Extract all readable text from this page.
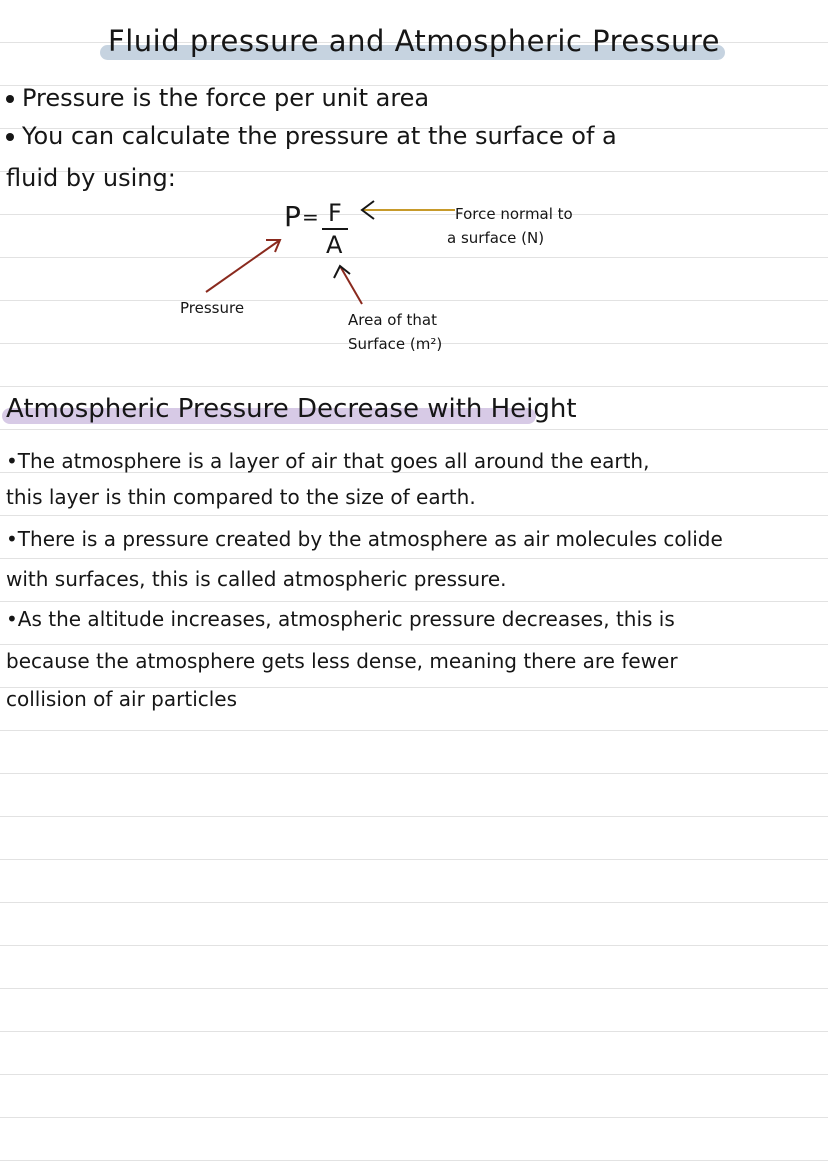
Fluid pressure and Atmospheric Pressure
Pressure is the force per unit area
You can calculate the pressure at the surface of a
fluid by using:
P = F
A
Force normal to
a surface (N)
Pressure
Area of that
Surface (m²)
Atmospheric Pressure Decrease with Height
•The atmosphere is a layer of air that goes all around the earth,
this layer is thin compared to the size of earth.
•There is a pressure created by the atmosphere as air molecules colide
with surfaces, this is called atmospheric pressure.
•As the altitude increases, atmospheric pressure decreases, this is
because the atmosphere gets less dense, meaning there are fewer
collision of air particles
